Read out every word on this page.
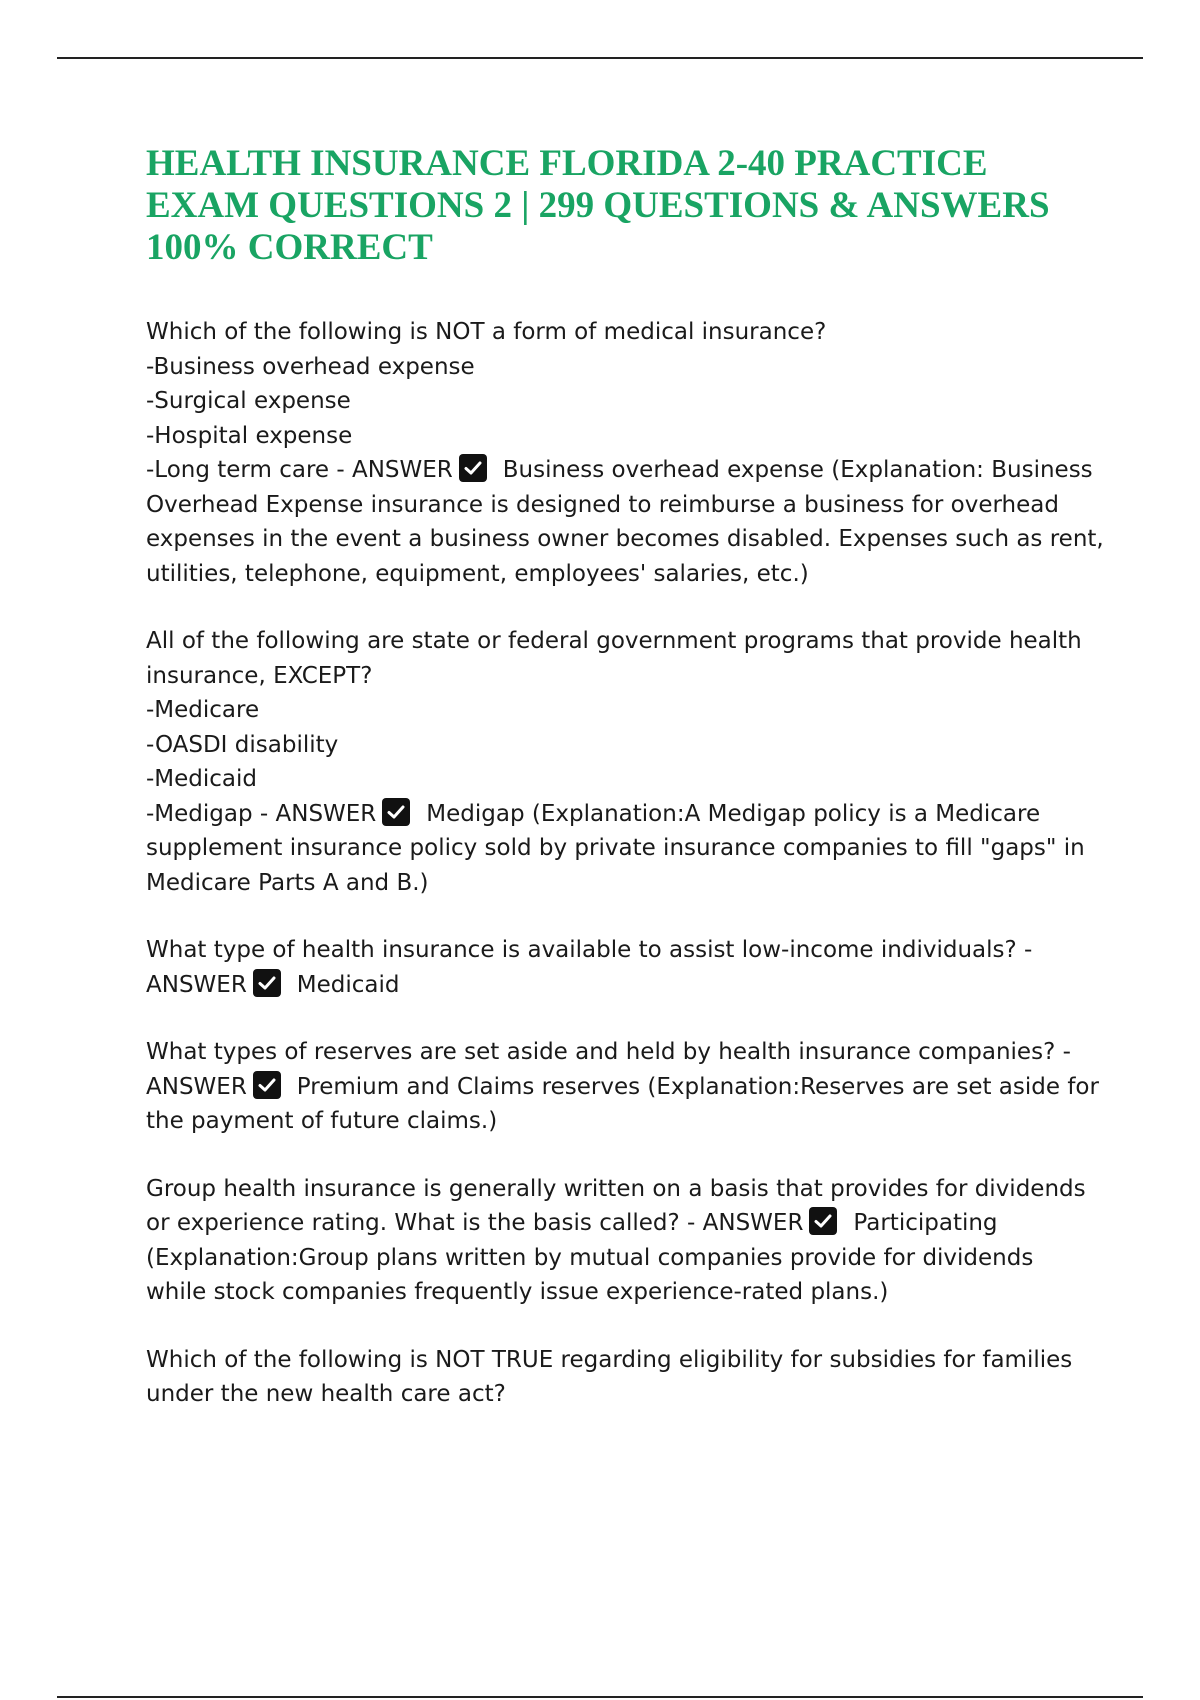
HEALTH INSURANCE FLORIDA 2-40 PRACTICE EXAM QUESTIONS 2 | 299 QUESTIONS & ANSWERS 100% CORRECT
Which of the following is NOT a form of medical insurance?
-Business overhead expense
-Surgical expense
-Hospital expense
-Long term care - ANSWER Business overhead expense (Explanation: Business
Overhead Expense insurance is designed to reimburse a business for overhead
expenses in the event a business owner becomes disabled. Expenses such as rent,
utilities, telephone, equipment, employees' salaries, etc.)
All of the following are state or federal government programs that provide health
insurance, EXCEPT?
-Medicare
-OASDI disability
-Medicaid
-Medigap - ANSWER Medigap (Explanation:A Medigap policy is a Medicare
supplement insurance policy sold by private insurance companies to fill "gaps" in
Medicare Parts A and B.)
What type of health insurance is available to assist low-income individuals? -
ANSWER Medicaid
What types of reserves are set aside and held by health insurance companies? -
ANSWER Premium and Claims reserves (Explanation:Reserves are set aside for
the payment of future claims.)
Group health insurance is generally written on a basis that provides for dividends
or experience rating. What is the basis called? - ANSWER Participating
(Explanation:Group plans written by mutual companies provide for dividends
while stock companies frequently issue experience-rated plans.)
Which of the following is NOT TRUE regarding eligibility for subsidies for families
under the new health care act?
